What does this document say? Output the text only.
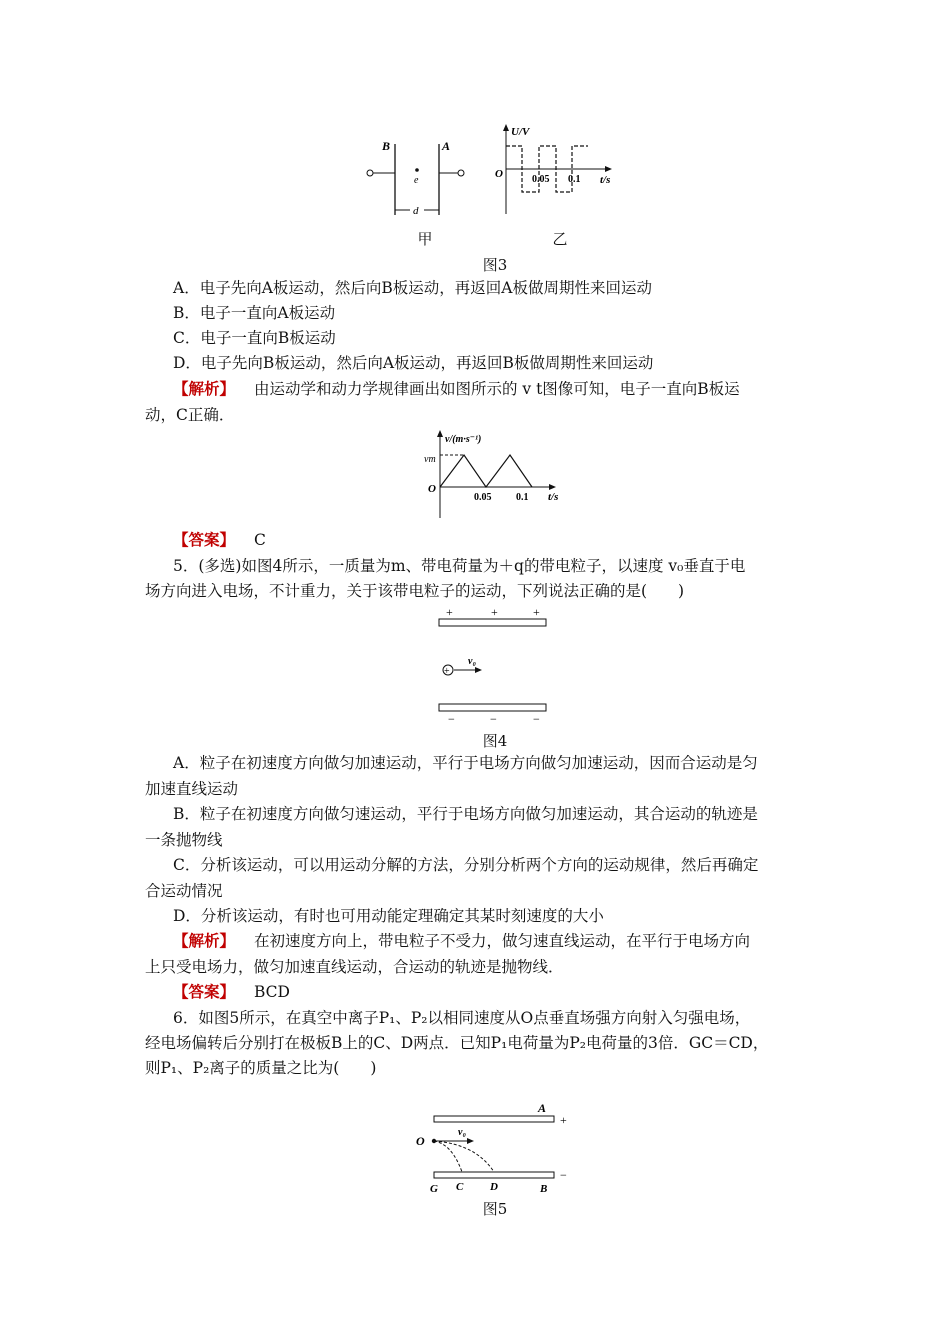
B	A
e
d
甲
U/V
O	0.05 0.1 t/s
乙
图3
A．电子先向A板运动，然后向B板运动，再返回A板做周期性来回运动
B．电子一直向A板运动
C．电子一直向B板运动
D．电子先向B板运动，然后向A板运动，再返回B板做周期性来回运动
【解析】 由运动学和动力学规律画出如图所示的 v t图像可知，电子一直向B板运
动，C正确．
v/(m·s⁻¹)
vm
O
0.05 0.1 t/s
【答案】 C
5．(多选)如图4所示，一质量为m、带电荷量为＋q的带电粒子，以速度 v₀垂直于电
场方向进入电场，不计重力，关于该带电粒子的运动，下列说法正确的是(　　)
+	+	+
+
v₀
−	−	−
图4
A．粒子在初速度方向做匀加速运动，平行于电场方向做匀加速运动，因而合运动是匀
加速直线运动
B．粒子在初速度方向做匀速运动，平行于电场方向做匀加速运动，其合运动的轨迹是
一条抛物线
C．分析该运动，可以用运动分解的方法，分别分析两个方向的运动规律，然后再确定
合运动情况
D．分析该运动，有时也可用动能定理确定其某时刻速度的大小
【解析】 在初速度方向上，带电粒子不受力，做匀速直线运动，在平行于电场方向
上只受电场力，做匀加速直线运动，合运动的轨迹是抛物线．
【答案】 BCD
6．如图5所示，在真空中离子P₁、P₂以相同速度从O点垂直场强方向射入匀强电场，
经电场偏转后分别打在极板B上的C、D两点．已知P₁电荷量为P₂电荷量的3倍．GC＝CD，
则P₁、P₂离子的质量之比为(　　)
A
+
O
v₀
−
G C D	B
图5
